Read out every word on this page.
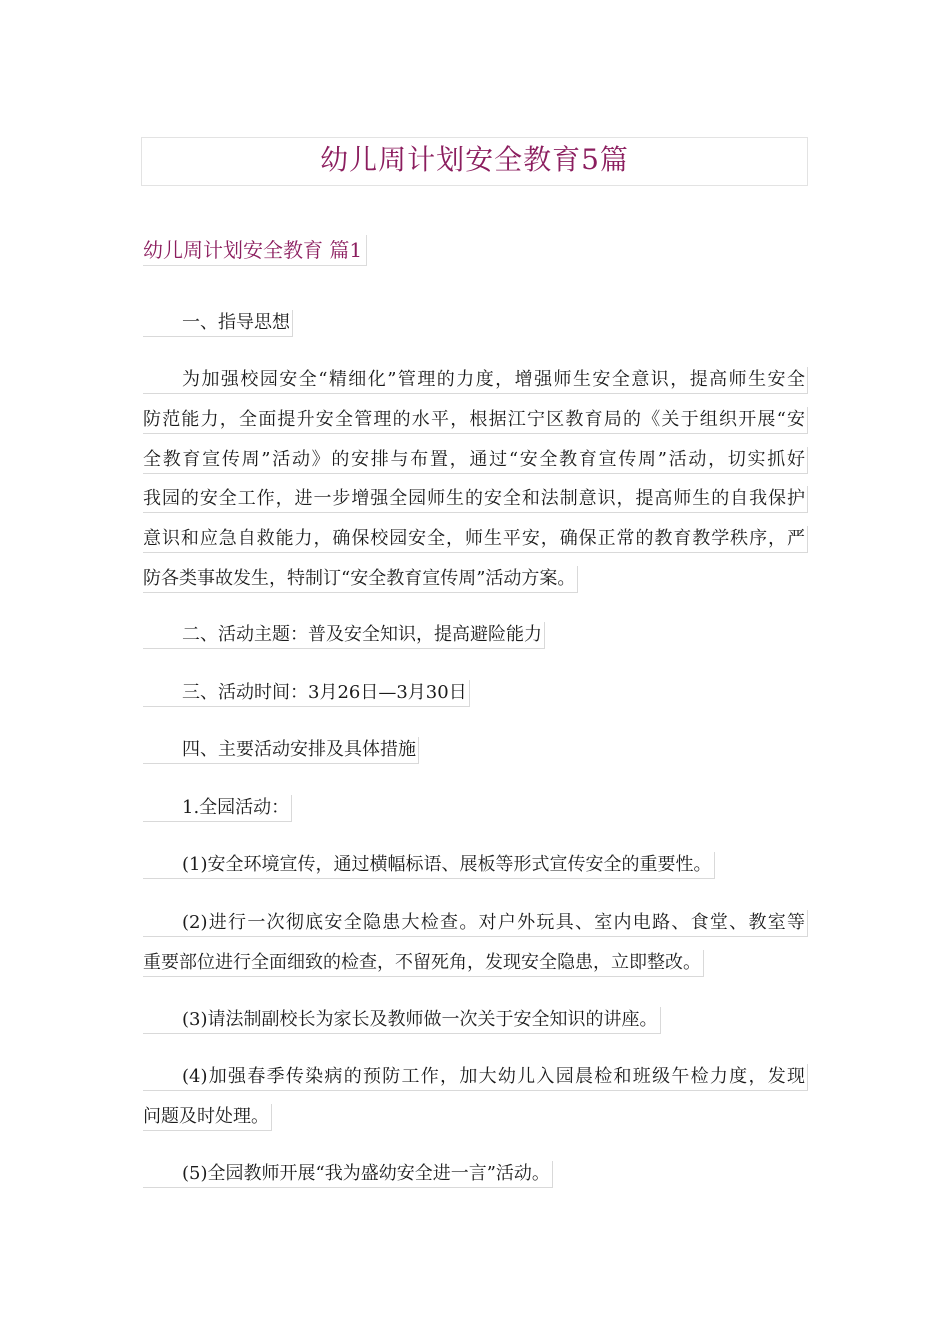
幼儿周计划安全教育5篇
幼儿周计划安全教育 篇1
一、指导思想
为加强校园安全“精细化”管理的力度，增强师生安全意识，提高师生安全
防范能力，全面提升安全管理的水平，根据江宁区教育局的《关于组织开展“安
全教育宣传周”活动》的安排与布置，通过“安全教育宣传周”活动，切实抓好
我园的安全工作，进一步增强全园师生的安全和法制意识，提高师生的自我保护
意识和应急自救能力，确保校园安全，师生平安，确保正常的教育教学秩序，严
防各类事故发生，特制订“安全教育宣传周”活动方案。
二、活动主题：普及安全知识，提高避险能力
三、活动时间：3月26日—3月30日
四、主要活动安排及具体措施
1.全园活动：
(1)安全环境宣传，通过横幅标语、展板等形式宣传安全的重要性。
(2)进行一次彻底安全隐患大检查。对户外玩具、室内电路、食堂、教室等
重要部位进行全面细致的检查，不留死角，发现安全隐患，立即整改。
(3)请法制副校长为家长及教师做一次关于安全知识的讲座。
(4)加强春季传染病的预防工作，加大幼儿入园晨检和班级午检力度，发现
问题及时处理。
(5)全园教师开展“我为盛幼安全进一言”活动。
